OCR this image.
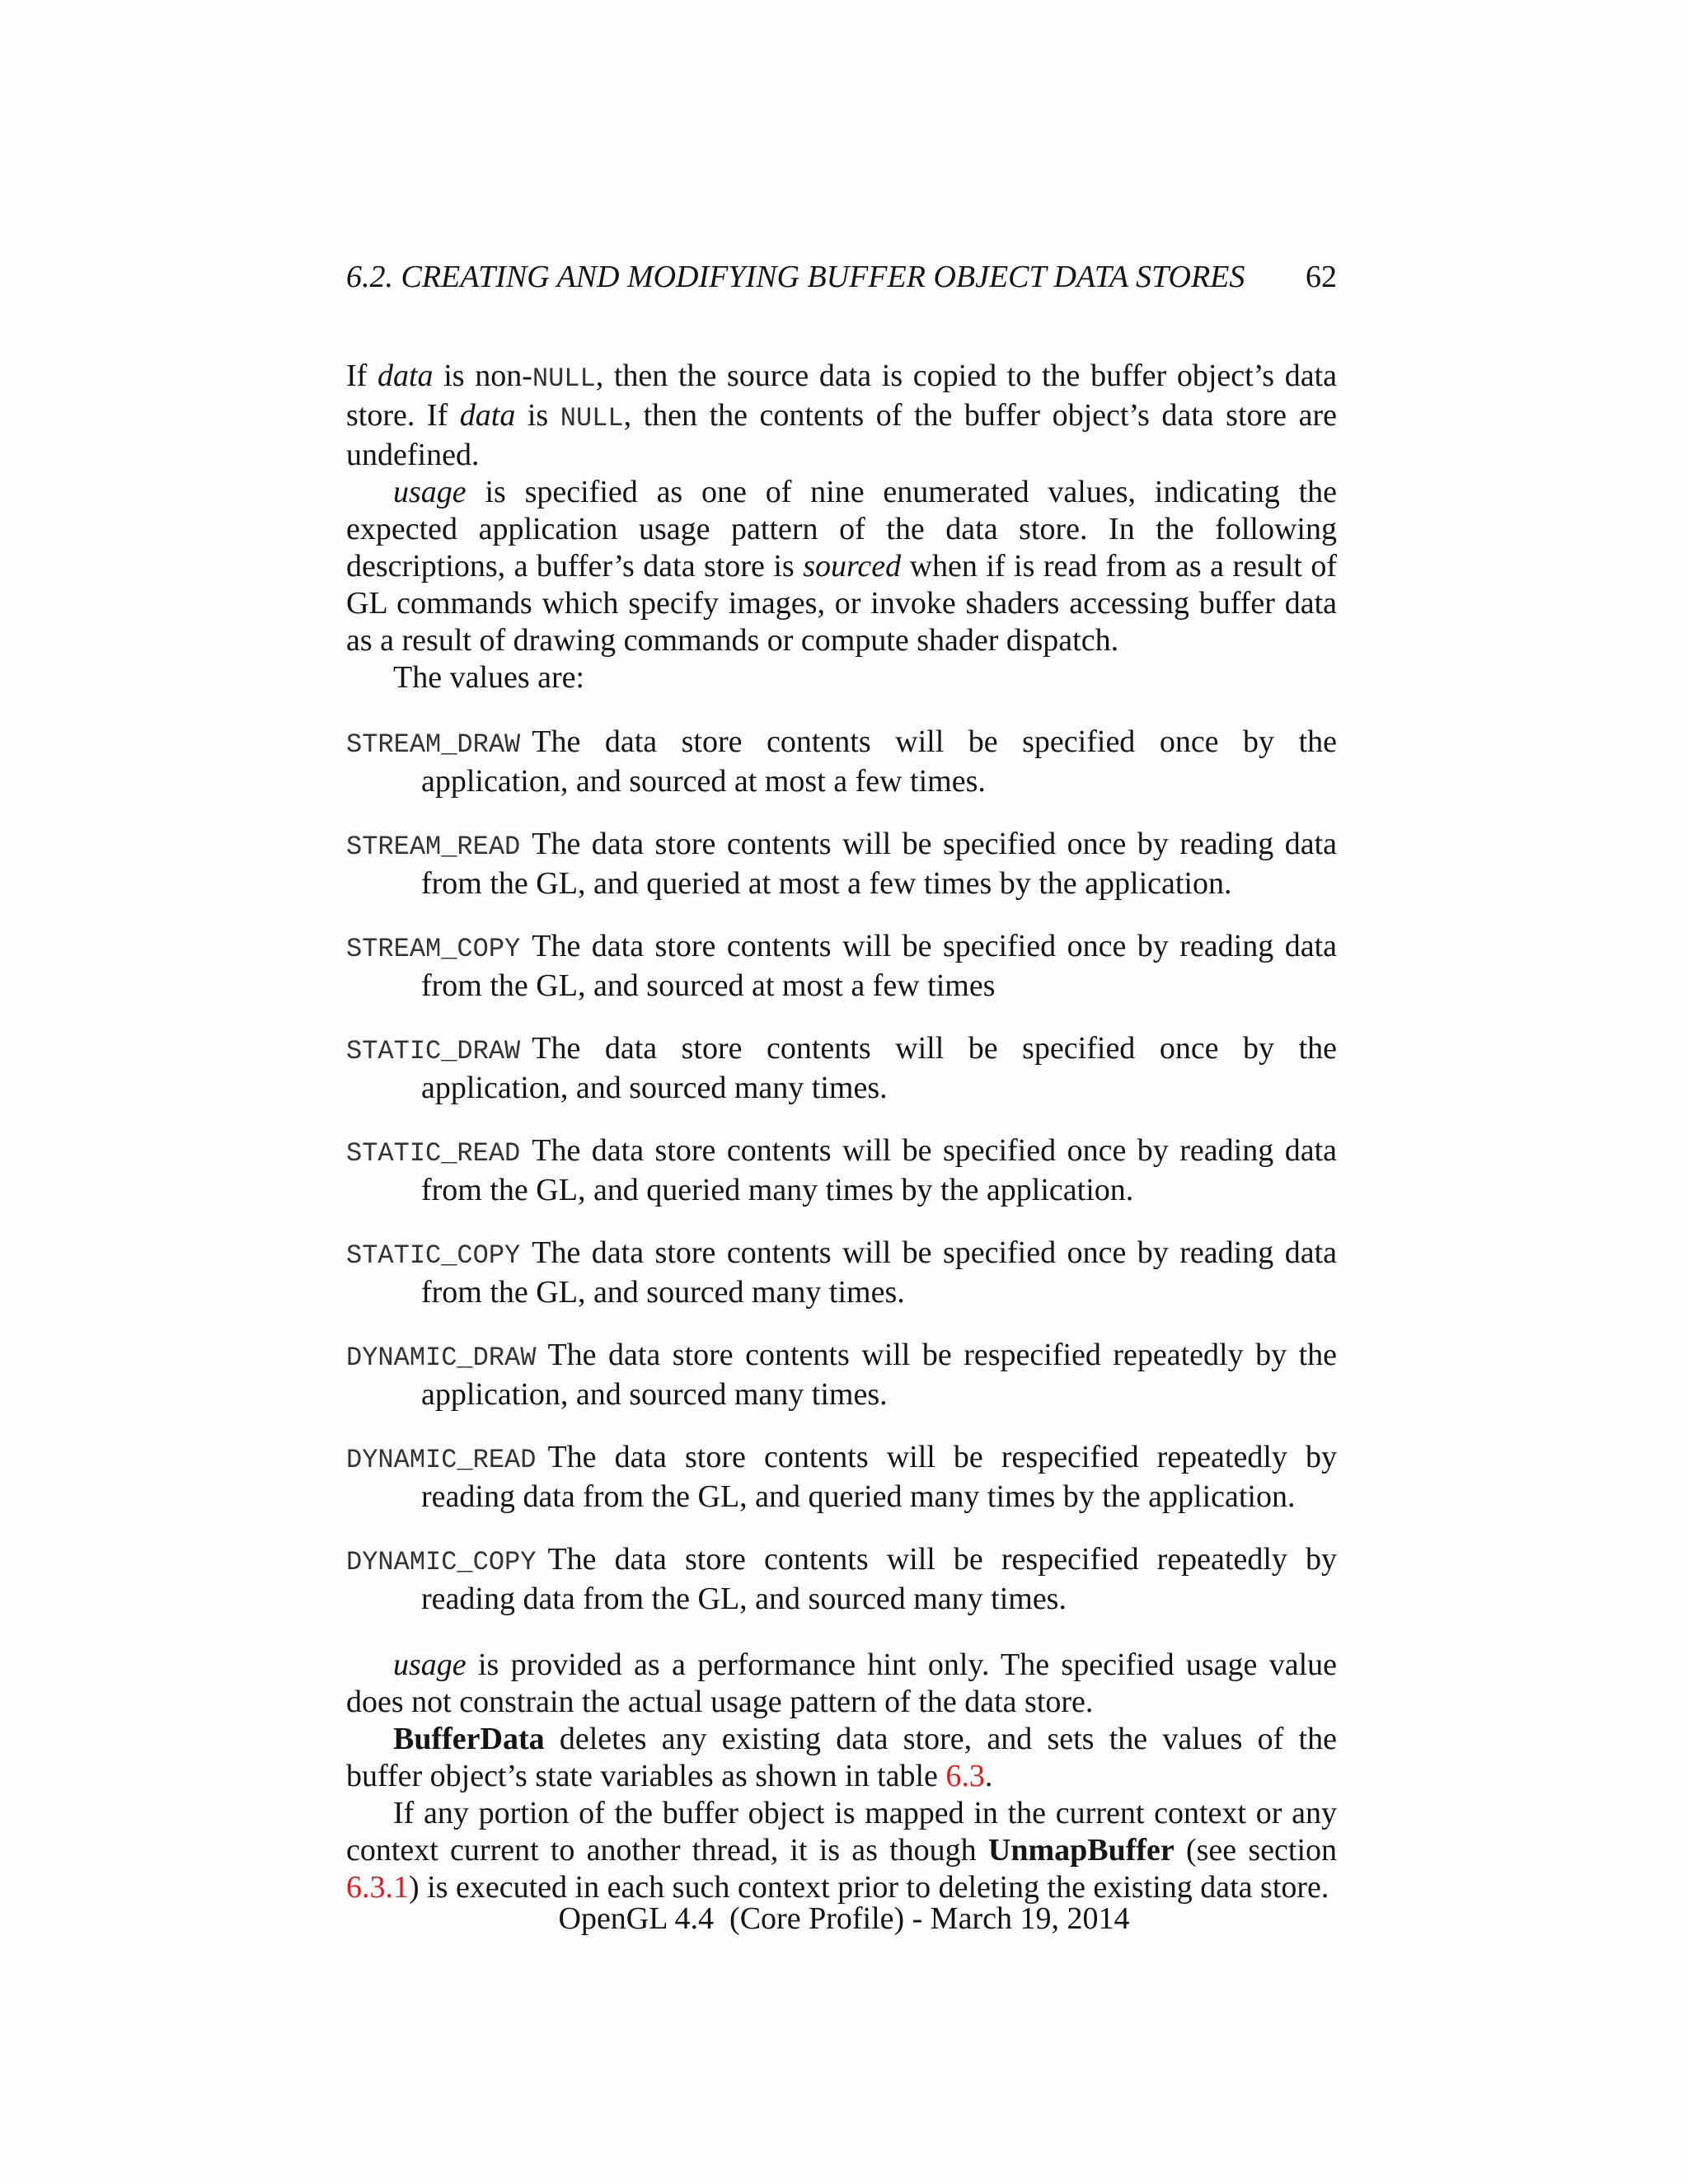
6.2. CREATING AND MODIFYING BUFFER OBJECT DATA STORES 62

If data is non-NULL, then the source data is copied to the buffer object’s data store. If data is NULL, then the contents of the buffer object’s data store are undefined.

usage is specified as one of nine enumerated values, indicating the expected application usage pattern of the data store. In the following descriptions, a buffer’s data store is sourced when if is read from as a result of GL commands which specify images, or invoke shaders accessing buffer data as a result of drawing commands or compute shader dispatch.

The values are:

STREAM_DRAW The data store contents will be specified once by the application, and sourced at most a few times.
STREAM_READ The data store contents will be specified once by reading data from the GL, and queried at most a few times by the application.
STREAM_COPY The data store contents will be specified once by reading data from the GL, and sourced at most a few times
STATIC_DRAW The data store contents will be specified once by the application, and sourced many times.
STATIC_READ The data store contents will be specified once by reading data from the GL, and queried many times by the application.
STATIC_COPY The data store contents will be specified once by reading data from the GL, and sourced many times.
DYNAMIC_DRAW The data store contents will be respecified repeatedly by the application, and sourced many times.
DYNAMIC_READ The data store contents will be respecified repeatedly by reading data from the GL, and queried many times by the application.
DYNAMIC_COPY The data store contents will be respecified repeatedly by reading data from the GL, and sourced many times.

usage is provided as a performance hint only. The specified usage value does not constrain the actual usage pattern of the data store.

BufferData deletes any existing data store, and sets the values of the buffer object’s state variables as shown in table 6.3.

If any portion of the buffer object is mapped in the current context or any context current to another thread, it is as though UnmapBuffer (see section 6.3.1) is executed in each such context prior to deleting the existing data store.

OpenGL 4.4  (Core Profile) - March 19, 2014
